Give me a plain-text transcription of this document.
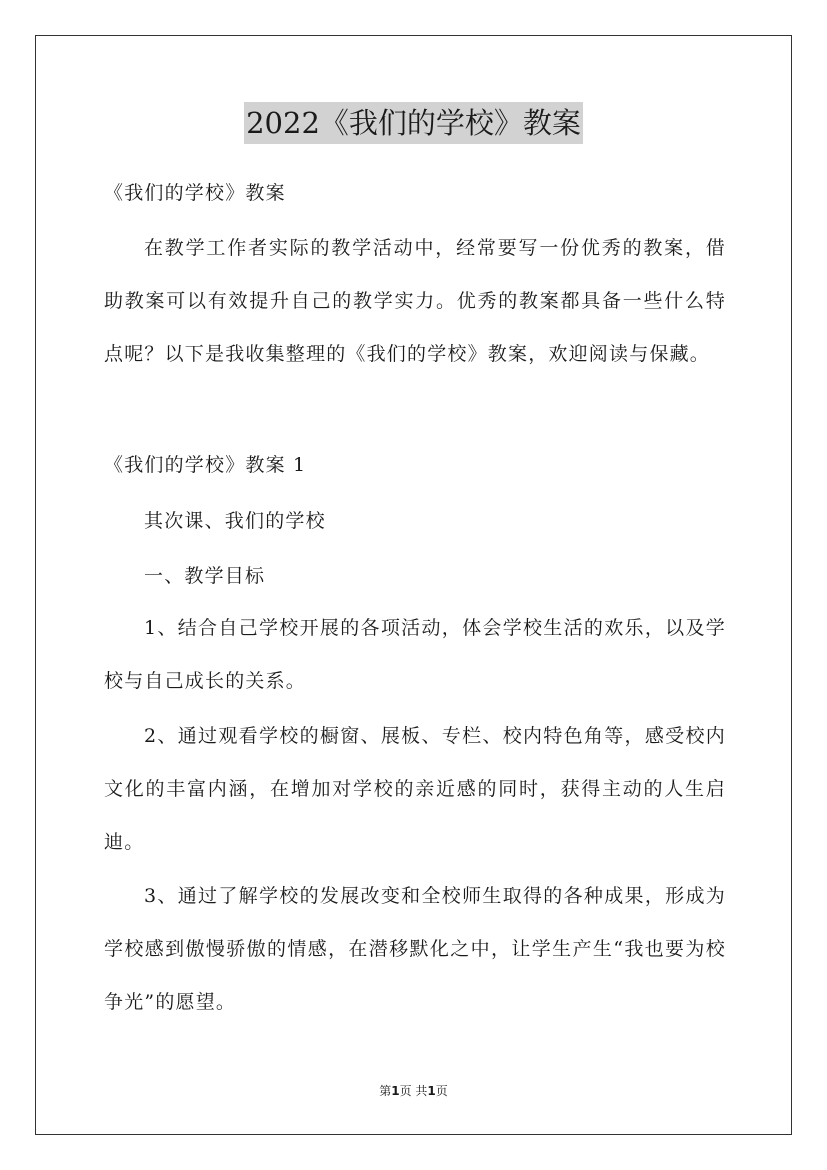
2022《我们的学校》教案

《我们的学校》教案

在教学工作者实际的教学活动中，经常要写一份优秀的教案，借助教案可以有效提升自己的教学实力。优秀的教案都具备一些什么特点呢？以下是我收集整理的《我们的学校》教案，欢迎阅读与保藏。

《我们的学校》教案 1

其次课、我们的学校

一、教学目标

1、结合自己学校开展的各项活动，体会学校生活的欢乐，以及学校与自己成长的关系。

2、通过观看学校的橱窗、展板、专栏、校内特色角等，感受校内文化的丰富内涵，在增加对学校的亲近感的同时，获得主动的人生启迪。

3、通过了解学校的发展改变和全校师生取得的各种成果，形成为学校感到傲慢骄傲的情感，在潜移默化之中，让学生产生“我也要为校争光”的愿望。

第1页 共1页
